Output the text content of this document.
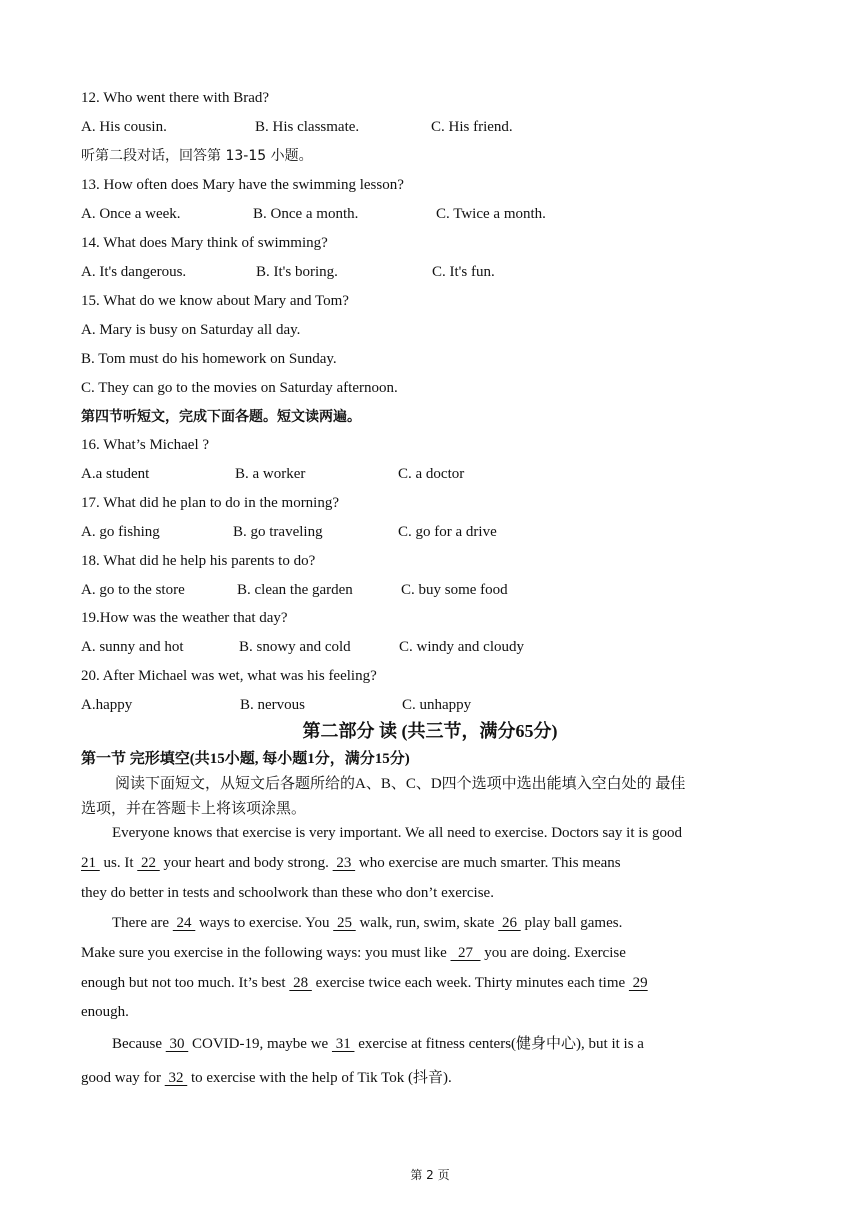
12. Who went there with Brad?
A. His cousin.	B. His classmate.	C. His friend.
听第二段对话，回答第 13-15 小题。
13. How often does Mary have the swimming lesson?
A. Once a week.	B. Once a month.	C. Twice a month.
14. What does Mary think of swimming?
A. It's dangerous.	B. It's boring.	C. It's fun.
15. What do we know about Mary and Tom?
A. Mary is busy on Saturday all day.
B. Tom must do his homework on Sunday.
C. They can go to the movies on Saturday afternoon.
第四节听短文，完成下面各题。短文读两遍。
16. What’s Michael ?
A.a student	B. a worker	C. a doctor
17. What did he plan to do in the morning?
A. go fishing	B. go traveling	C. go for a drive
18. What did he help his parents to do?
A. go to the store	B. clean the garden	C. buy some food
19.How was the weather that day?
A. sunny and hot	B. snowy and cold	C. windy and cloudy
20. After Michael was wet, what was his feeling?
A.happy	B. nervous	C. unhappy
第二部分 读 (共三节，满分65分)
第一节 完形填空(共15小题, 每小题1分，满分15分)
阅读下面短文，从短文后各题所给的A、B、C、D四个选项中选出能填入空白处的 最佳
选项，并在答题卡上将该项涂黑。
Everyone knows that exercise is very important. We all need to exercise. Doctors say it is good
21  us. It  22  your heart and body strong.  23  who exercise are much smarter. This means
they do better in tests and schoolwork than these who don’t exercise.
There are  24  ways to exercise. You  25  walk, run, swim, skate  26  play ball games.
Make sure you exercise in the following ways: you must like   27   you are doing. Exercise
enough but not too much. It’s best  28  exercise twice each week. Thirty minutes each time  29
enough.
Because  30  COVID-19, maybe we  31  exercise at fitness centers(健身中心), but it is a
good way for  32  to exercise with the help of Tik Tok (抖音).
第 2 页
